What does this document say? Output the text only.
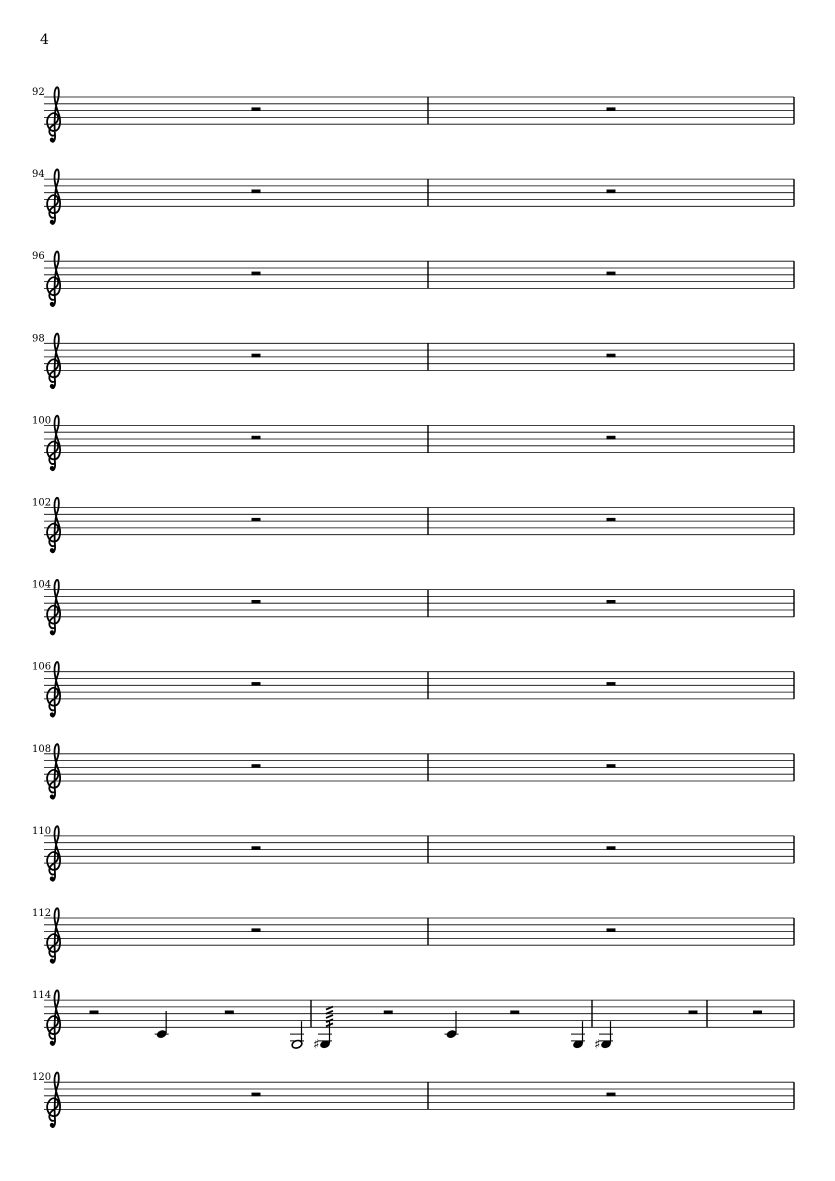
4
92
94
96
98
100
102
104
106
108
110
112
114
♯	♯
120
